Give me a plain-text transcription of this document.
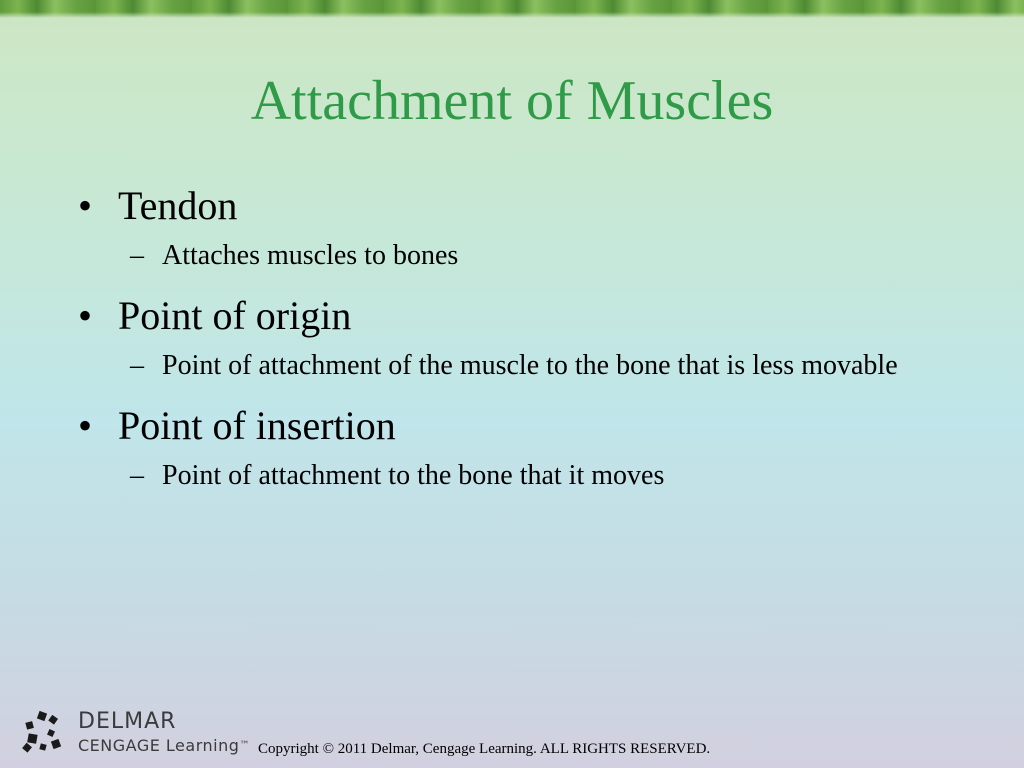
Attachment of Muscles
• Tendon
– Attaches muscles to bones
• Point of origin
– Point of attachment of the muscle to the bone that is less movable
• Point of insertion
– Point of attachment to the bone that it moves
DELMAR
CENGAGE Learning™ Copyright © 2011 Delmar, Cengage Learning. ALL RIGHTS RESERVED.
